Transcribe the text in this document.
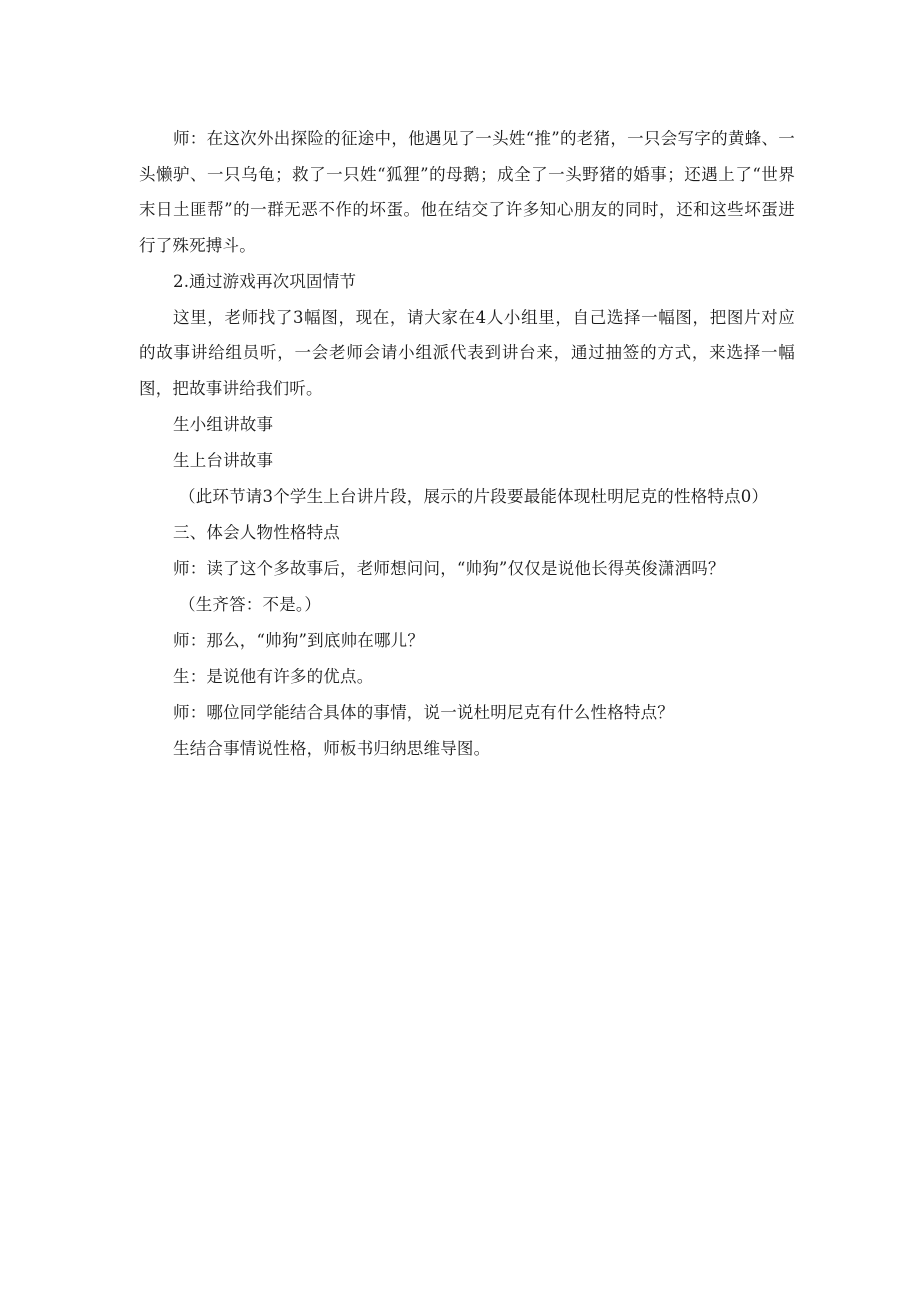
师：在这次外出探险的征途中，他遇见了一头姓“推”的老猪，一只会写字的黄蜂、一头懒驴、一只乌龟；救了一只姓“狐狸”的母鹅；成全了一头野猪的婚事；还遇上了“世界末日土匪帮”的一群无恶不作的坏蛋。他在结交了许多知心朋友的同时，还和这些坏蛋进行了殊死搏斗。

2.通过游戏再次巩固情节

这里，老师找了3幅图，现在，请大家在4人小组里，自己选择一幅图，把图片对应的故事讲给组员听，一会老师会请小组派代表到讲台来，通过抽签的方式，来选择一幅图，把故事讲给我们听。

生小组讲故事

生上台讲故事

（此环节请3个学生上台讲片段，展示的片段要最能体现杜明尼克的性格特点0）

三、体会人物性格特点

师：读了这个多故事后，老师想问问，“帅狗”仅仅是说他长得英俊潇洒吗？

（生齐答：不是。）

师：那么，“帅狗”到底帅在哪儿？

生：是说他有许多的优点。

师：哪位同学能结合具体的事情，说一说杜明尼克有什么性格特点？

生结合事情说性格，师板书归纳思维导图。
